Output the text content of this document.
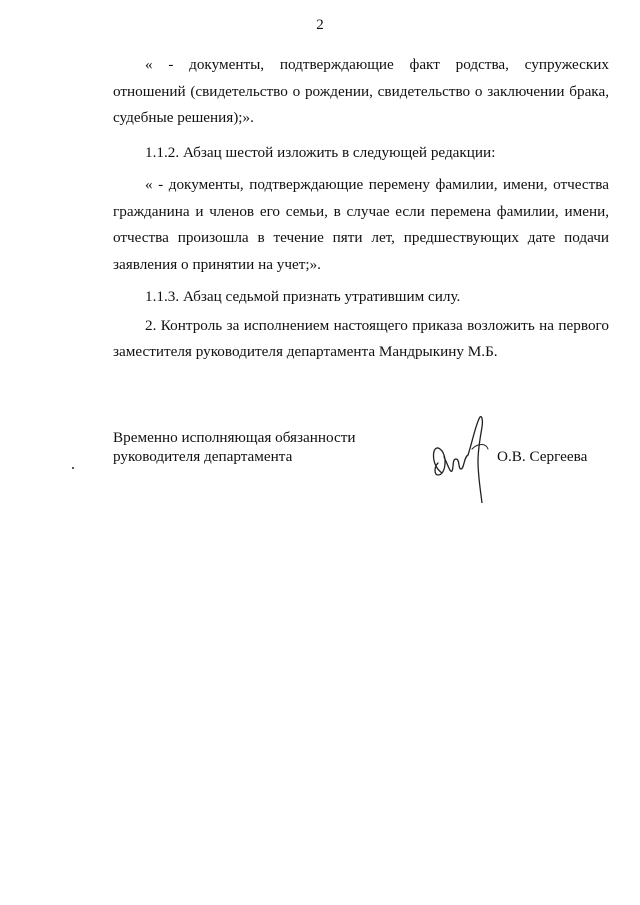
2

« - документы, подтверждающие факт родства, супружеских отношений (свидетельство о рождении, свидетельство о заключении брака, судебные решения);».

1.1.2. Абзац шестой изложить в следующей редакции:

« - документы, подтверждающие перемену фамилии, имени, отчества гражданина и членов его семьи, в случае если перемена фамилии, имени, отчества произошла в течение пяти лет, предшествующих дате подачи заявления о принятии на учет;».

1.1.3. Абзац седьмой признать утратившим силу.

2. Контроль за исполнением настоящего приказа возложить на первого заместителя руководителя департамента Мандрыкину М.Б.

Временно исполняющая обязанности
руководителя департамента	О.В. Сергеева
